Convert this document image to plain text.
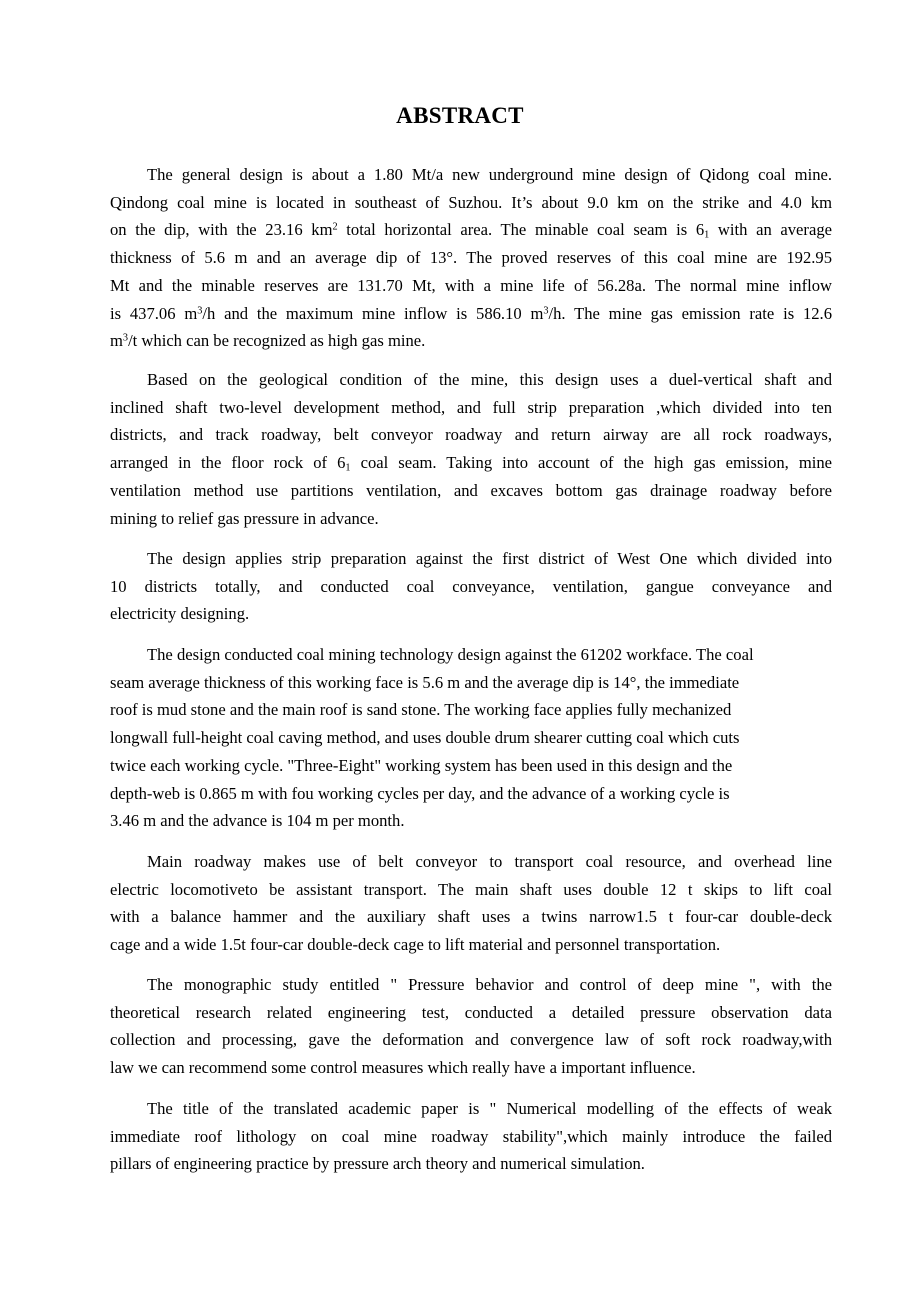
ABSTRACT
The general design is about a 1.80 Mt/a new underground mine design of Qidong coal mine.
Qindong coal mine is located in southeast of Suzhou. It’s about 9.0 km on the strike and 4.0 km
on the dip, with the 23.16 $km^2$ total horizontal area. The minable coal seam is $6_1$ with an average
thickness of 5.6 m and an average dip of 13°. The proved reserves of this coal mine are 192.95
Mt and the minable reserves are 131.70 Mt, with a mine life of 56.28a. The normal mine inflow
is 437.06 $m^3/h$ and the maximum mine inflow is 586.10 $m^3/h$. The mine gas emission rate is 12.6
$m^3/t$ which can be recognized as high gas mine.
Based on the geological condition of the mine, this design uses a duel-vertical shaft and
inclined shaft two-level development method, and full strip preparation ,which divided into ten
districts, and track roadway, belt conveyor roadway and return airway are all rock roadways,
arranged in the floor rock of $6_1$ coal seam. Taking into account of the high gas emission, mine
ventilation method use partitions ventilation, and excaves bottom gas drainage roadway before
mining to relief gas pressure in advance.
The design applies strip preparation against the first district of West One which divided into
10 districts totally, and conducted coal conveyance, ventilation, gangue conveyance and
electricity designing.
The design conducted coal mining technology design against the 61202 workface. The coal
seam average thickness of this working face is 5.6 m and the average dip is 14°, the immediate
roof is mud stone and the main roof is sand stone. The working face applies fully mechanized
longwall full-height coal caving method, and uses double drum shearer cutting coal which cuts
twice each working cycle. "Three-Eight" working system has been used in this design and the
depth-web is 0.865 m with fou working cycles per day, and the advance of a working cycle is
3.46 m and the advance is 104 m per month.
Main roadway makes use of belt conveyor to transport coal resource, and overhead line
electric locomotiveto be assistant transport. The main shaft uses double 12 t skips to lift coal
with a balance hammer and the auxiliary shaft uses a twins narrow1.5 t four-car double-deck
cage and a wide 1.5t four-car double-deck cage to lift material and personnel transportation.
The monographic study entitled " Pressure behavior and control of deep mine ", with the
theoretical research related engineering test, conducted a detailed pressure observation data
collection and processing, gave the deformation and convergence law of soft rock roadway,with
law we can recommend some control measures which really have a important influence.
The title of the translated academic paper is " Numerical modelling of the effects of weak
immediate roof lithology on coal mine roadway stability",which mainly introduce the failed
pillars of engineering practice by pressure arch theory and numerical simulation.
